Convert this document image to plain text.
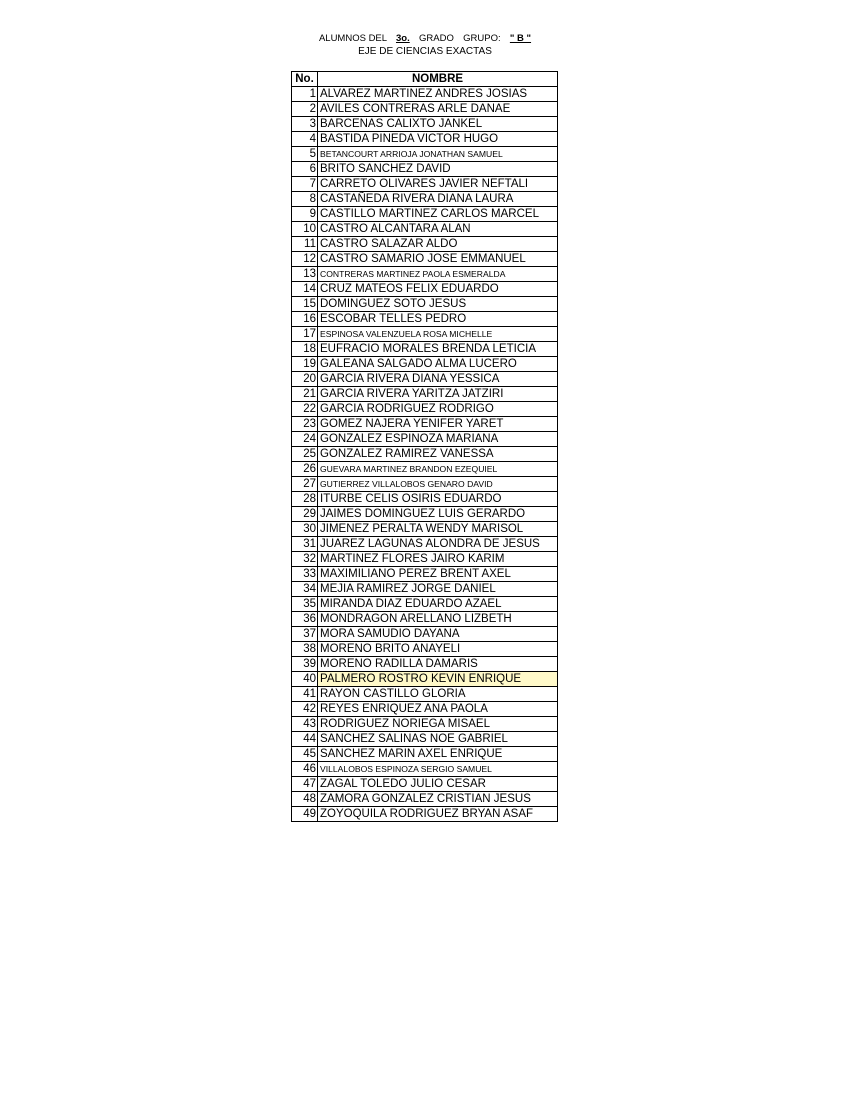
ALUMNOS DEL 3o. GRADO GRUPO: " B "
EJE DE CIENCIAS EXACTAS
No.	NOMBRE
1	ALVAREZ MARTINEZ ANDRES JOSIAS
2	AVILES CONTRERAS ARLE DANAE
3	BARCENAS CALIXTO JANKEL
4	BASTIDA PINEDA VICTOR HUGO
5	BETANCOURT ARRIOJA JONATHAN SAMUEL
6	BRITO SANCHEZ DAVID
7	CARRETO OLIVARES JAVIER NEFTALI
8	CASTAÑEDA RIVERA DIANA LAURA
9	CASTILLO MARTINEZ CARLOS MARCEL
10	CASTRO ALCANTARA ALAN
11	CASTRO SALAZAR ALDO
12	CASTRO SAMARIO JOSE EMMANUEL
13	CONTRERAS MARTINEZ PAOLA ESMERALDA
14	CRUZ MATEOS FELIX EDUARDO
15	DOMINGUEZ SOTO JESUS
16	ESCOBAR TELLES PEDRO
17	ESPINOSA VALENZUELA ROSA MICHELLE
18	EUFRACIO MORALES BRENDA LETICIA
19	GALEANA SALGADO ALMA LUCERO
20	GARCIA RIVERA DIANA YESSICA
21	GARCIA RIVERA YARITZA JATZIRI
22	GARCIA RODRIGUEZ RODRIGO
23	GOMEZ NAJERA YENIFER YARET
24	GONZALEZ ESPINOZA MARIANA
25	GONZALEZ RAMIREZ VANESSA
26	GUEVARA MARTINEZ BRANDON EZEQUIEL
27	GUTIERREZ VILLALOBOS GENARO DAVID
28	ITURBE CELIS OSIRIS EDUARDO
29	JAIMES DOMINGUEZ LUIS GERARDO
30	JIMENEZ PERALTA WENDY MARISOL
31	JUAREZ LAGUNAS ALONDRA DE JESUS
32	MARTINEZ FLORES JAIRO KARIM
33	MAXIMILIANO PEREZ BRENT AXEL
34	MEJIA RAMIREZ JORGE DANIEL
35	MIRANDA DIAZ EDUARDO AZAEL
36	MONDRAGON ARELLANO LIZBETH
37	MORA SAMUDIO DAYANA
38	MORENO BRITO ANAYELI
39	MORENO RADILLA DAMARIS
40	PALMERO ROSTRO KEVIN ENRIQUE
41	RAYON CASTILLO GLORIA
42	REYES ENRIQUEZ ANA PAOLA
43	RODRIGUEZ NORIEGA MISAEL
44	SANCHEZ SALINAS NOE GABRIEL
45	SANCHEZ MARIN AXEL ENRIQUE
46	VILLALOBOS ESPINOZA SERGIO SAMUEL
47	ZAGAL TOLEDO JULIO CESAR
48	ZAMORA GONZALEZ CRISTIAN JESUS
49	ZOYOQUILA RODRIGUEZ BRYAN ASAF
